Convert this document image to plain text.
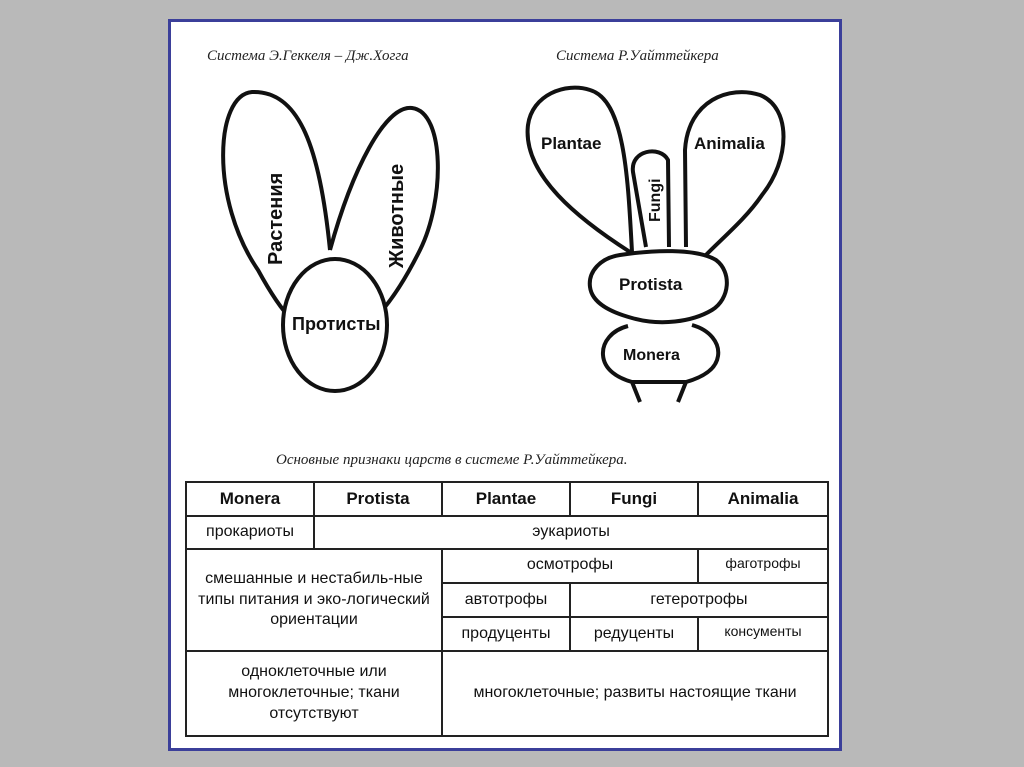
Система Э.Геккеля – Дж.Хогга	Система Р.Уайттейкера
Основные признаки царств в системе Р.Уайттейкера.
Растения	Животные
Протисты
Plantae
Fungi
Animalia
Protista
Monera
Monera	Protista	Plantae	Fungi	Animalia
прокариоты	эукариоты			
смешанные и нестабиль-ные типы питания и эко-логический ориентации		осмотрофы		фаготрофы
		автотрофы	гетеротрофы	
		продуценты	редуценты	консументы
одноклеточные или многоклеточные; ткани отсутствуют		многоклеточные; развиты настоящие ткани		
